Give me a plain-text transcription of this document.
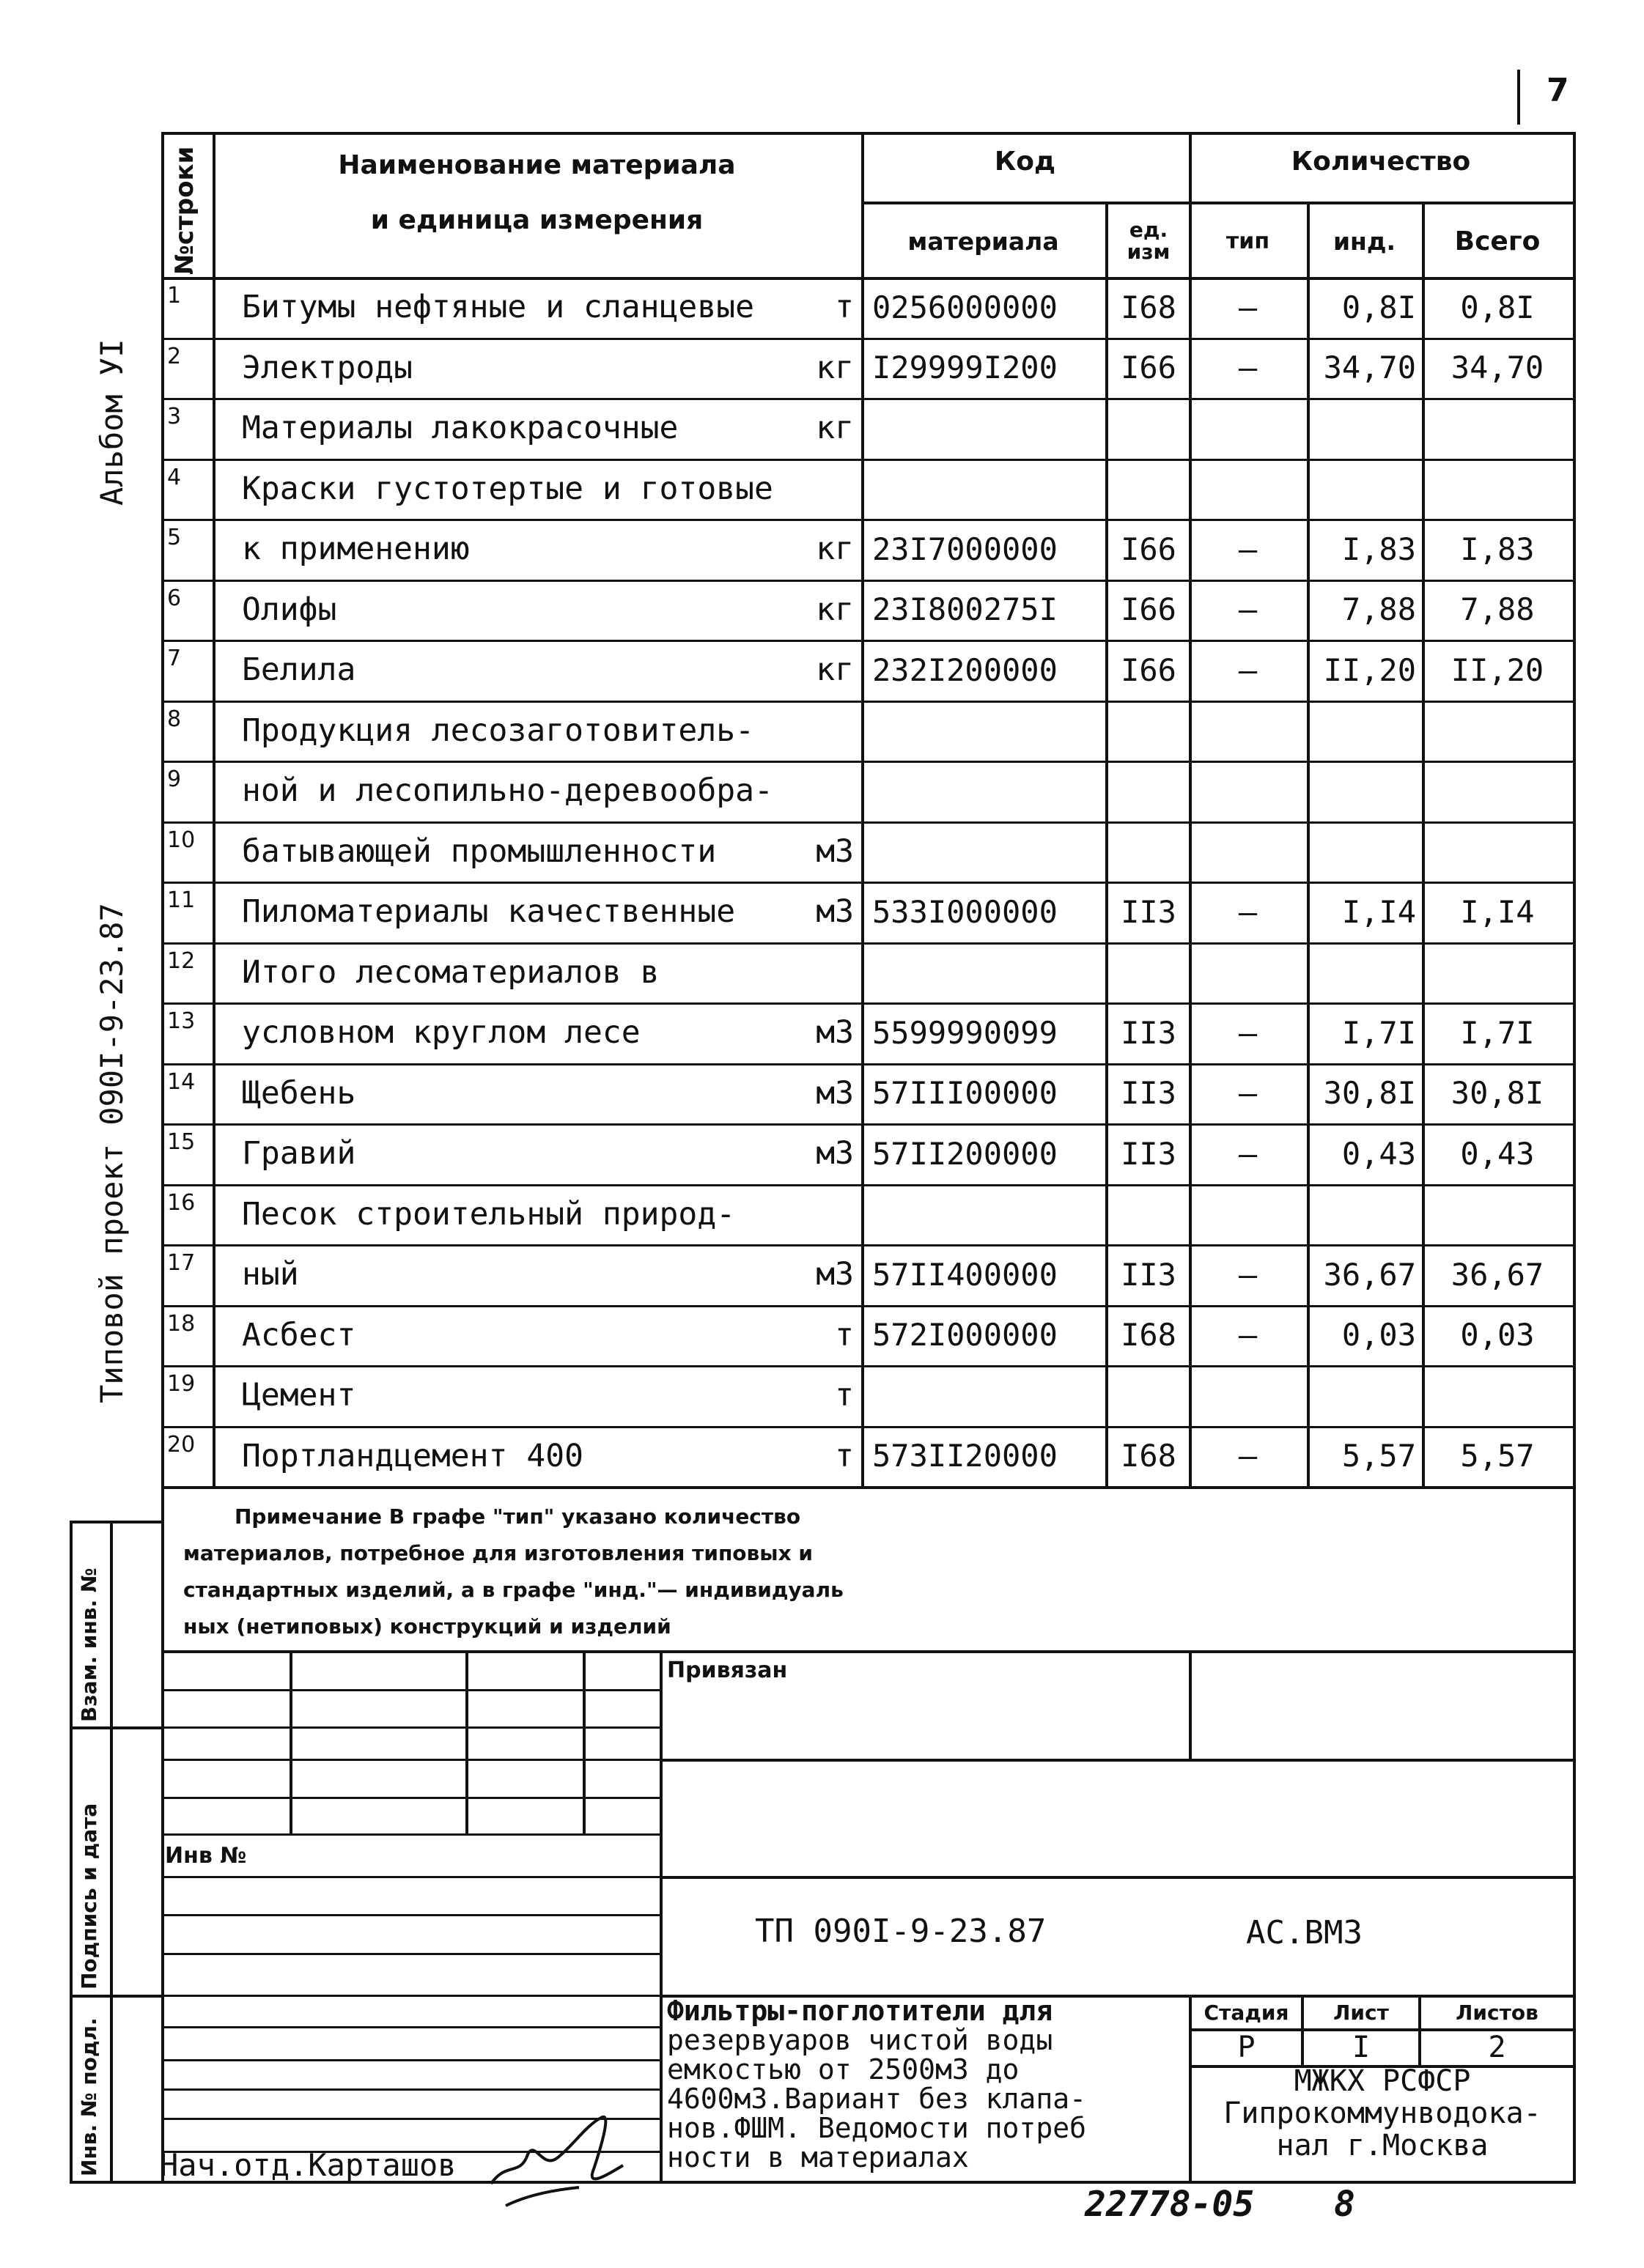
7
Альбом УI
Типовой проект 090I-9-23.87
№строки	Наименование материала
и единица измерения
Код	Количество
материала	ед. изм	тип	инд.	Всего
1	Битумы нефтяные и сланцевые	т 0256000000	I68	–	0,8I	0,8I
2	Электроды	кг I29999I200	I66	–	34,70	34,70
3	Материалы лакокрасочные	кг
4	Краски густотертые и готовые
5	к применению	кг 23I7000000	I66	–	I,83	I,83
6	Олифы	кг 23I800275I	I66	–	7,88	7,88
7	Белила	кг 232I200000	I66	–	II,20	II,20
8	Продукция лесозаготовитель-
9	ной и лесопильно-деревообра-
10	батывающей промышленности	м3
11	Пиломатериалы качественные	м3 533I000000	II3	–	I,I4	I,I4
12	Итого лесоматериалов в
13	условном круглом лесе	м3 5599990099	II3	–	I,7I	I,7I
14	Щебень	м3 57III00000	II3	–	30,8I	30,8I
15	Гравий	м3 57II200000	II3	–	0,43	0,43
16	Песок строительный природ-
17	ный	м3 57II400000	II3	–	36,67	36,67
18	Асбест	т 572I000000	I68	–	0,03	0,03
19	Цемент	т
20	Портландцемент 400	т 573II20000	I68	–	5,57	5,57
Примечание В графе "тип" указано количество
материалов, потребное для изготовления типовых и
стандартных изделий, а в графе "инд."— индивидуаль
ных (нетиповых) конструкций и изделий
Взам. инв. №
Подпись и дата
Инв. № подл.
Привязан
Инв №
ТП 090I-9-23.87	АС.ВМ3
Фильтры-поглотители для
резервуаров чистой воды
емкостью от 2500м3 до
4600м3.Вариант без клапа-
нов.ФШМ. Ведомости потреб
ности в материалах
Стадия	Лист	Листов
Р	I	2
МЖКХ РСФСР
Гипрокоммунводока-
нал г.Москва
Нач.отд.Карташов
22778-05 8
